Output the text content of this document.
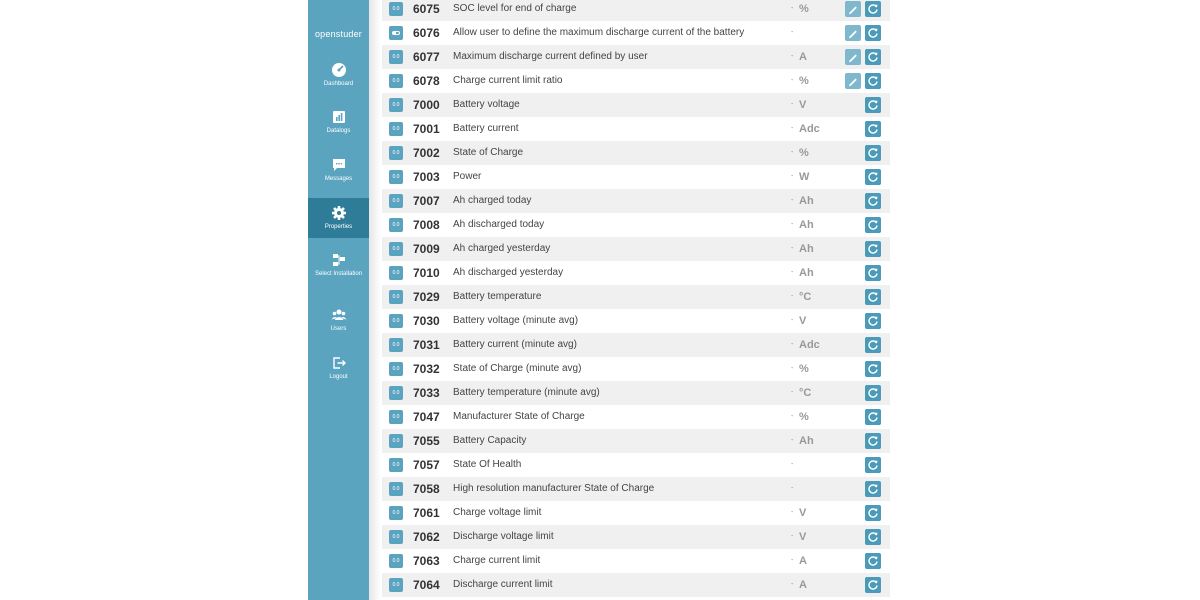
openstuder
Dashboard
Datalogs
Messages
Properties
Select Installation
Users
Logout
0.0 6075 SOC level for end of charge	- %
6076 Allow user to define the maximum discharge current of the battery	-
0.0 6077 Maximum discharge current defined by user	- A
0.0 6078 Charge current limit ratio	- %
0.0 7000 Battery voltage	- V
0.0 7001 Battery current	- Adc
0.0 7002 State of Charge	- %
0.0 7003 Power	- W
0.0 7007 Ah charged today	- Ah
0.0 7008 Ah discharged today	- Ah
0.0 7009 Ah charged yesterday	- Ah
0.0 7010 Ah discharged yesterday	- Ah
0.0 7029 Battery temperature	- °C
0.0 7030 Battery voltage (minute avg)	- V
0.0 7031 Battery current (minute avg)	- Adc
0.0 7032 State of Charge (minute avg)	- %
0.0 7033 Battery temperature (minute avg)	- °C
0.0 7047 Manufacturer State of Charge	- %
0.0 7055 Battery Capacity	- Ah
0.0 7057 State Of Health	-
0.0 7058 High resolution manufacturer State of Charge	-
0.0 7061 Charge voltage limit	- V
0.0 7062 Discharge voltage limit	- V
0.0 7063 Charge current limit	- A
0.0 7064 Discharge current limit	- A
